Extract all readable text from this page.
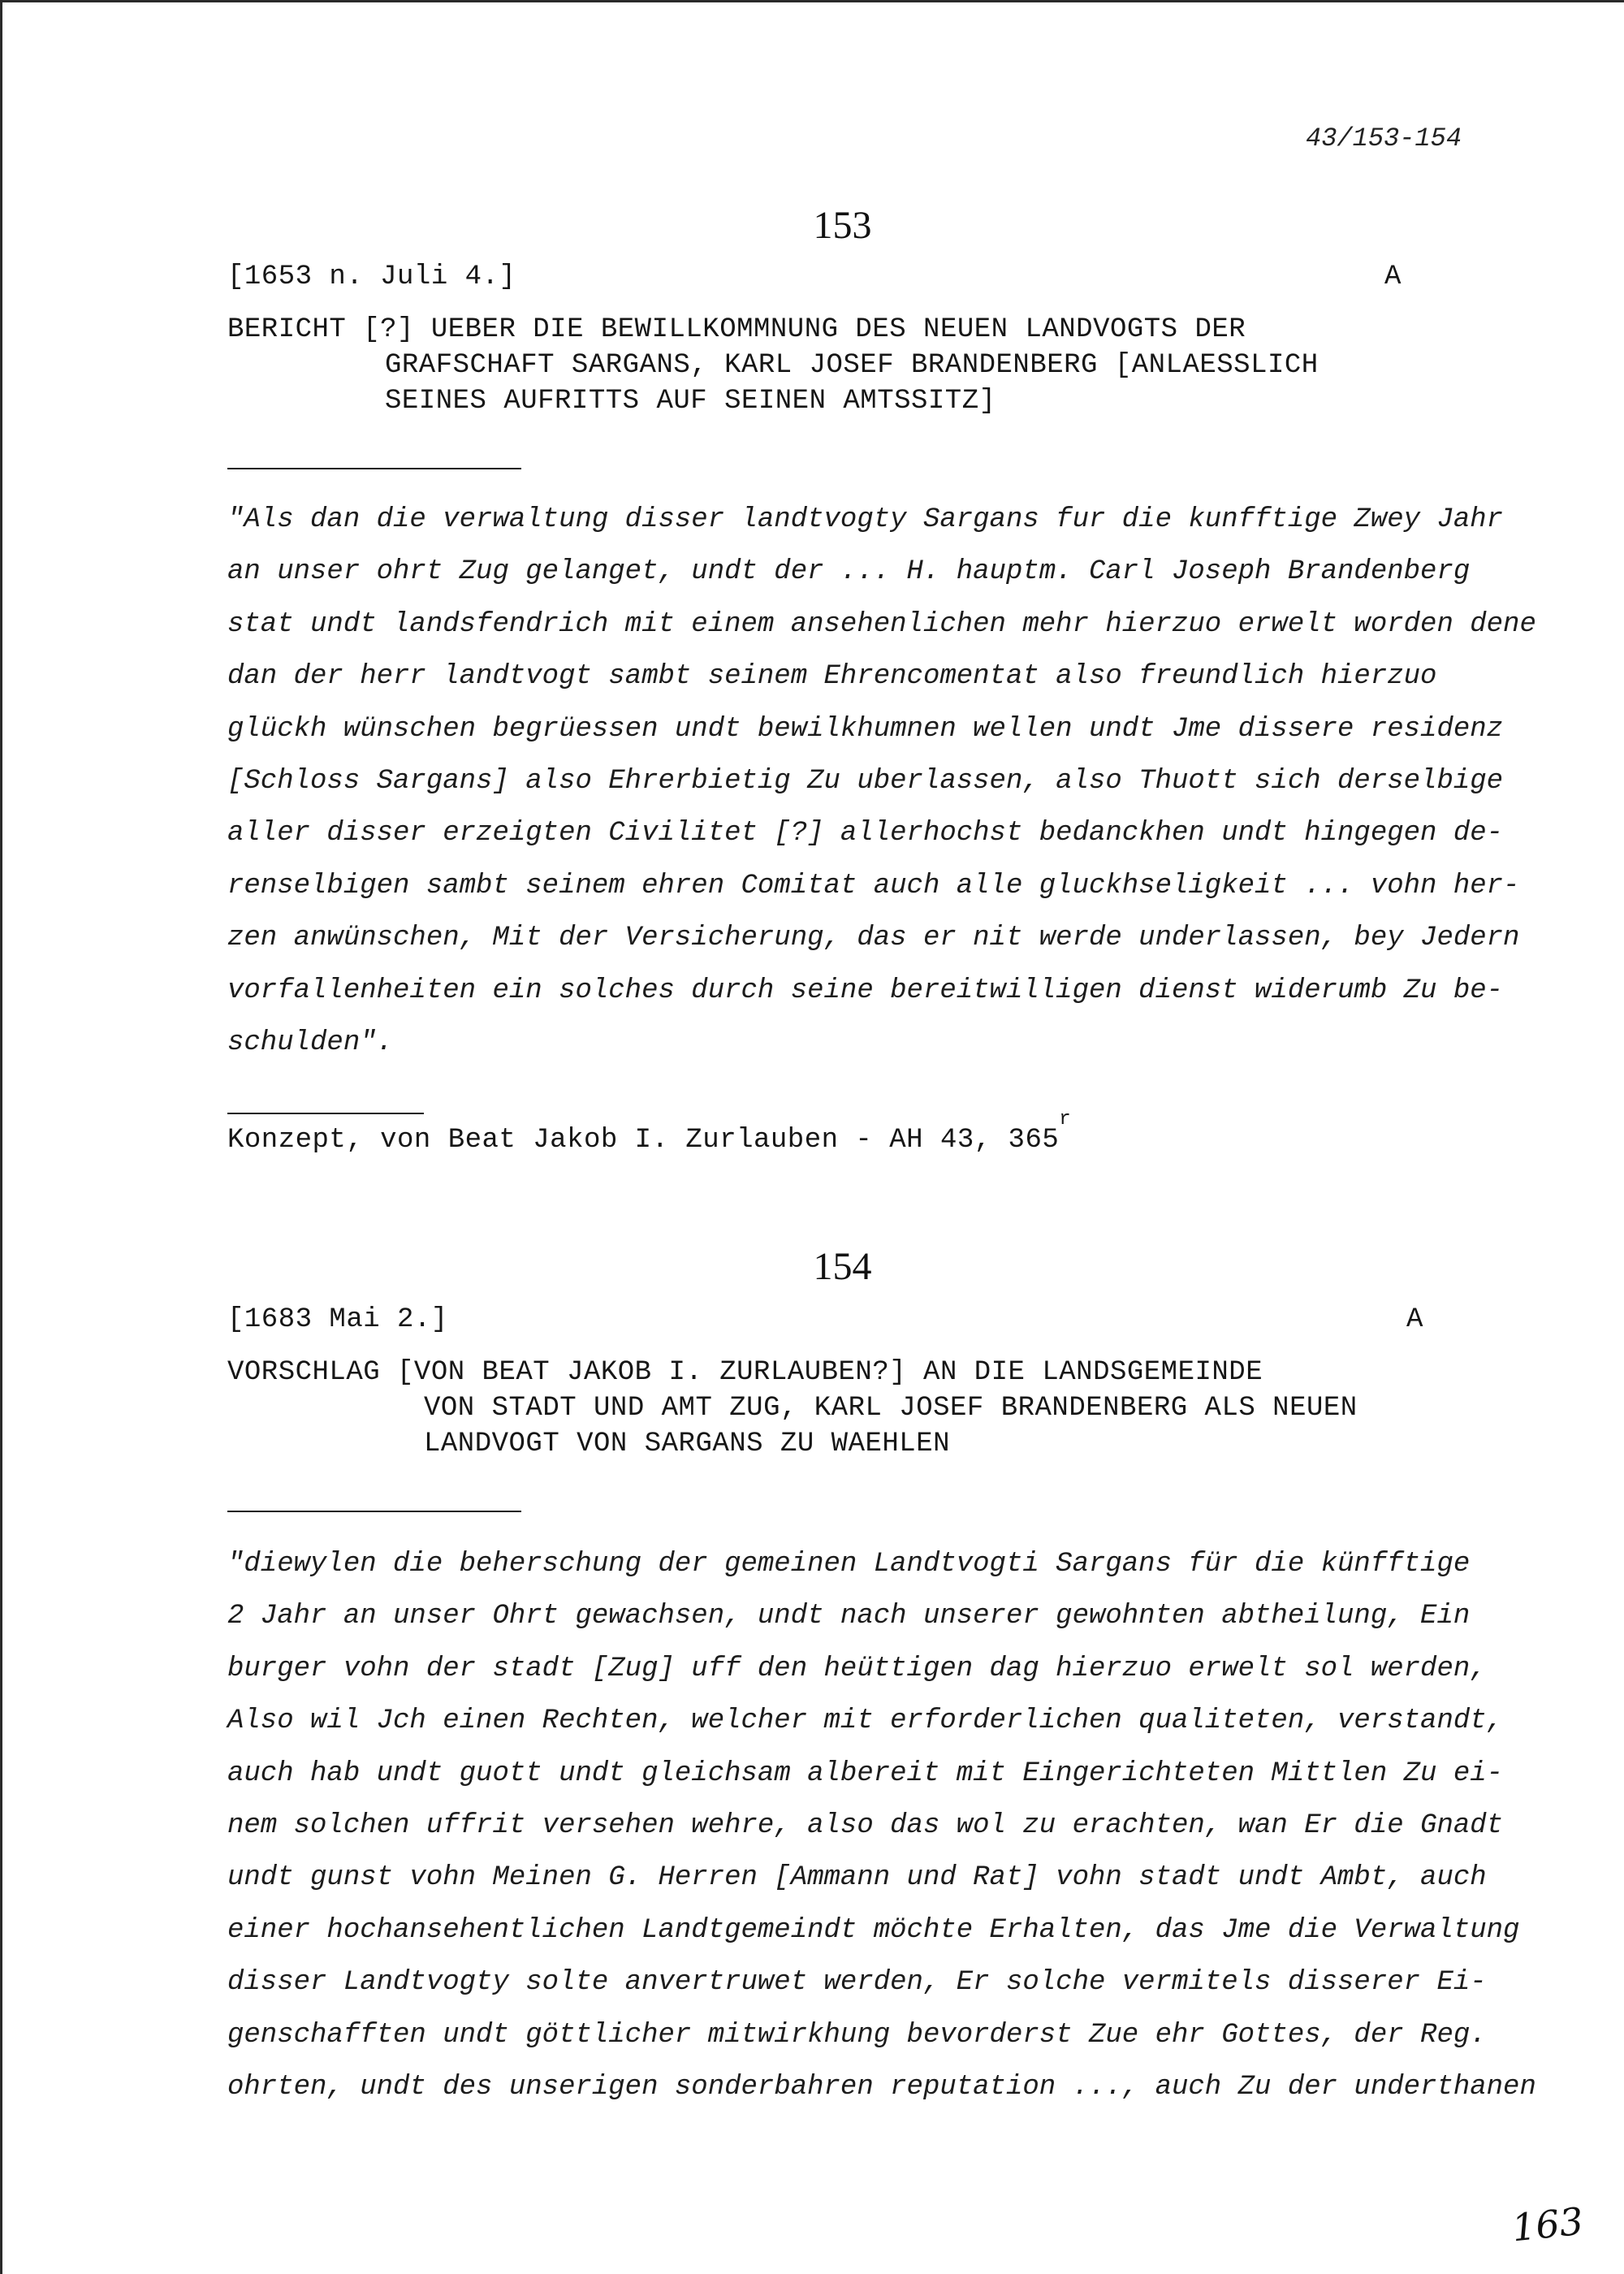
43/153-154
153
[1653 n. Juli 4.]	A
BERICHT [?] UEBER DIE BEWILLKOMMNUNG DES NEUEN LANDVOGTS DER
GRAFSCHAFT SARGANS, KARL JOSEF BRANDENBERG [ANLAESSLICH
SEINES AUFRITTS AUF SEINEN AMTSSITZ]
"Als dan die verwaltung disser landtvogty Sargans fur die kunfftige Zwey Jahr
an unser ohrt Zug gelanget, undt der ... H. hauptm. Carl Joseph Brandenberg
stat undt landsfendrich mit einem ansehenlichen mehr hierzuo erwelt worden dene
dan der herr landtvogt sambt seinem Ehrencomentat also freundlich hierzuo
glückh wünschen begrüessen undt bewilkhumnen wellen undt Jme dissere residenz
[Schloss Sargans] also Ehrerbietig Zu uberlassen, also Thuott sich derselbige
aller disser erzeigten Civilitet [?] allerhochst bedanckhen undt hingegen de-
renselbigen sambt seinem ehren Comitat auch alle gluckhseligkeit ... vohn her-
zen anwünschen, Mit der Versicherung, das er nit werde underlassen, bey Jedern
vorfallenheiten ein solches durch seine bereitwilligen dienst widerumb Zu be-
schulden".
Konzept, von Beat Jakob I. Zurlauben - AH 43, 365$^r$
154
[1683 Mai 2.]	A
VORSCHLAG [VON BEAT JAKOB I. ZURLAUBEN?] AN DIE LANDSGEMEINDE
VON STADT UND AMT ZUG, KARL JOSEF BRANDENBERG ALS NEUEN
LANDVOGT VON SARGANS ZU WAEHLEN
"diewylen die beherschung der gemeinen Landtvogti Sargans für die künfftige
2 Jahr an unser Ohrt gewachsen, undt nach unserer gewohnten abtheilung, Ein
burger vohn der stadt [Zug] uff den heüttigen dag hierzuo erwelt sol werden,
Also wil Jch einen Rechten, welcher mit erforderlichen qualiteten, verstandt,
auch hab undt guott undt gleichsam albereit mit Eingerichteten Mittlen Zu ei-
nem solchen uffrit versehen wehre, also das wol zu erachten, wan Er die Gnadt
undt gunst vohn Meinen G. Herren [Ammann und Rat] vohn stadt undt Ambt, auch
einer hochansehentlichen Landtgemeindt möchte Erhalten, das Jme die Verwaltung
disser Landtvogty solte anvertruwet werden, Er solche vermitels disserer Ei-
genschafften undt göttlicher mitwirkhung bevorderst Zue ehr Gottes, der Reg.
ohrten, undt des unserigen sonderbahren reputation ..., auch Zu der underthanen
163
